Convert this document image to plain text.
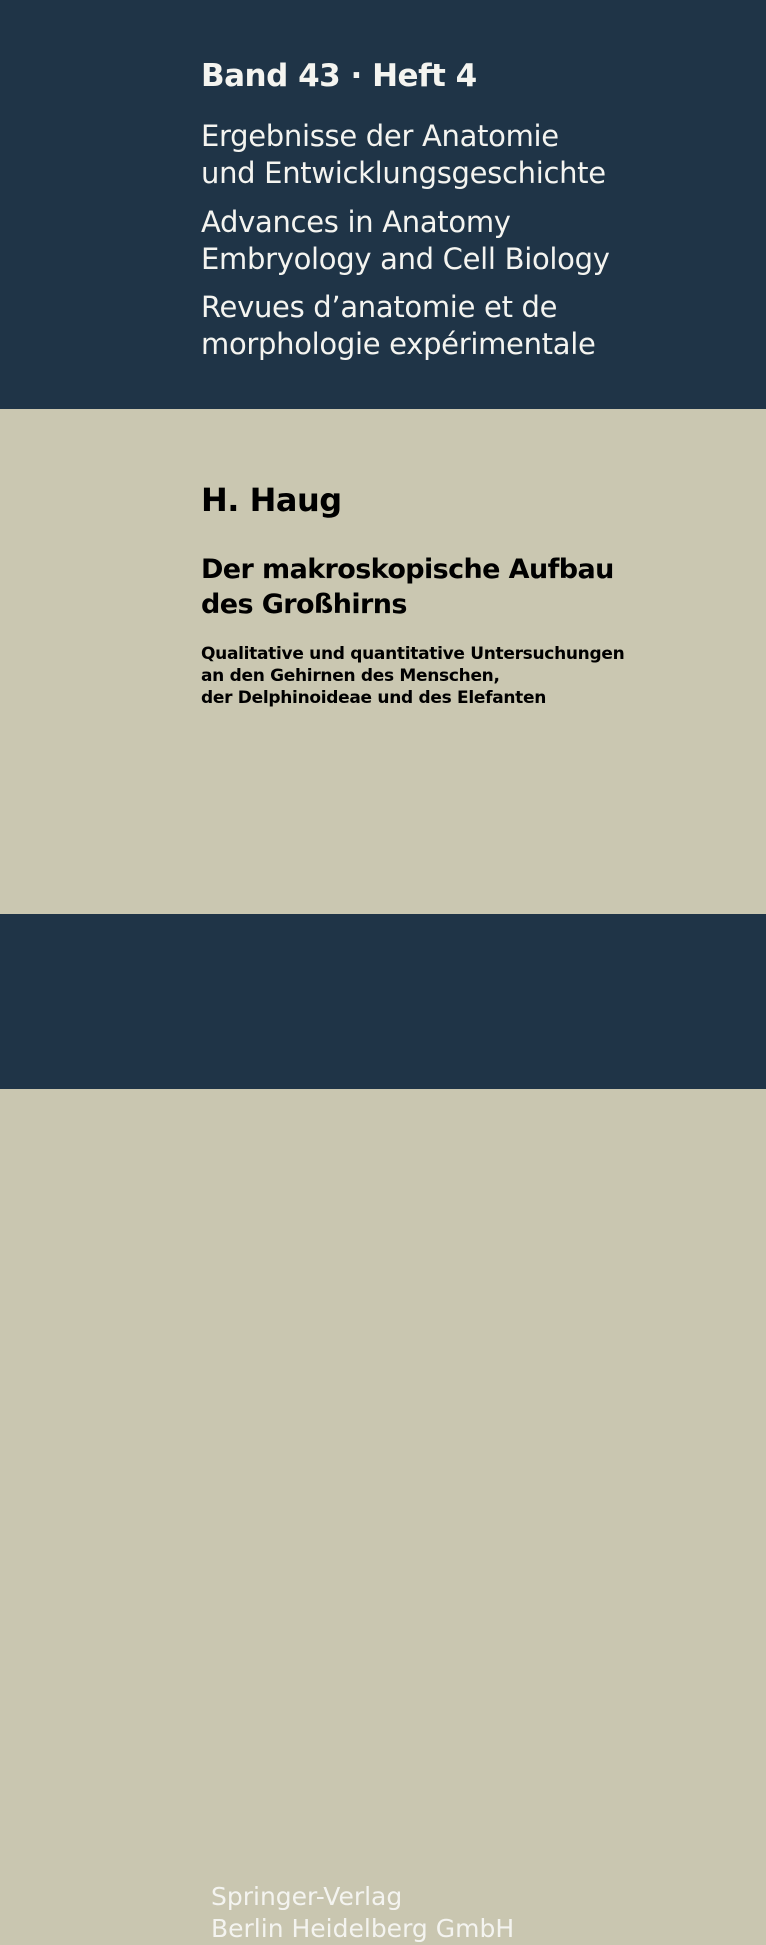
Band 43 · Heft 4
Ergebnisse der Anatomie
und Entwicklungsgeschichte
Advances in Anatomy
Embryology and Cell Biology
Revues d’anatomie et de
morphologie expérimentale
H. Haug
Der makroskopische Aufbau
des Großhirns
Qualitative und quantitative Untersuchungen
an den Gehirnen des Menschen,
der Delphinoideae und des Elefanten
Springer-Verlag
Berlin Heidelberg GmbH
